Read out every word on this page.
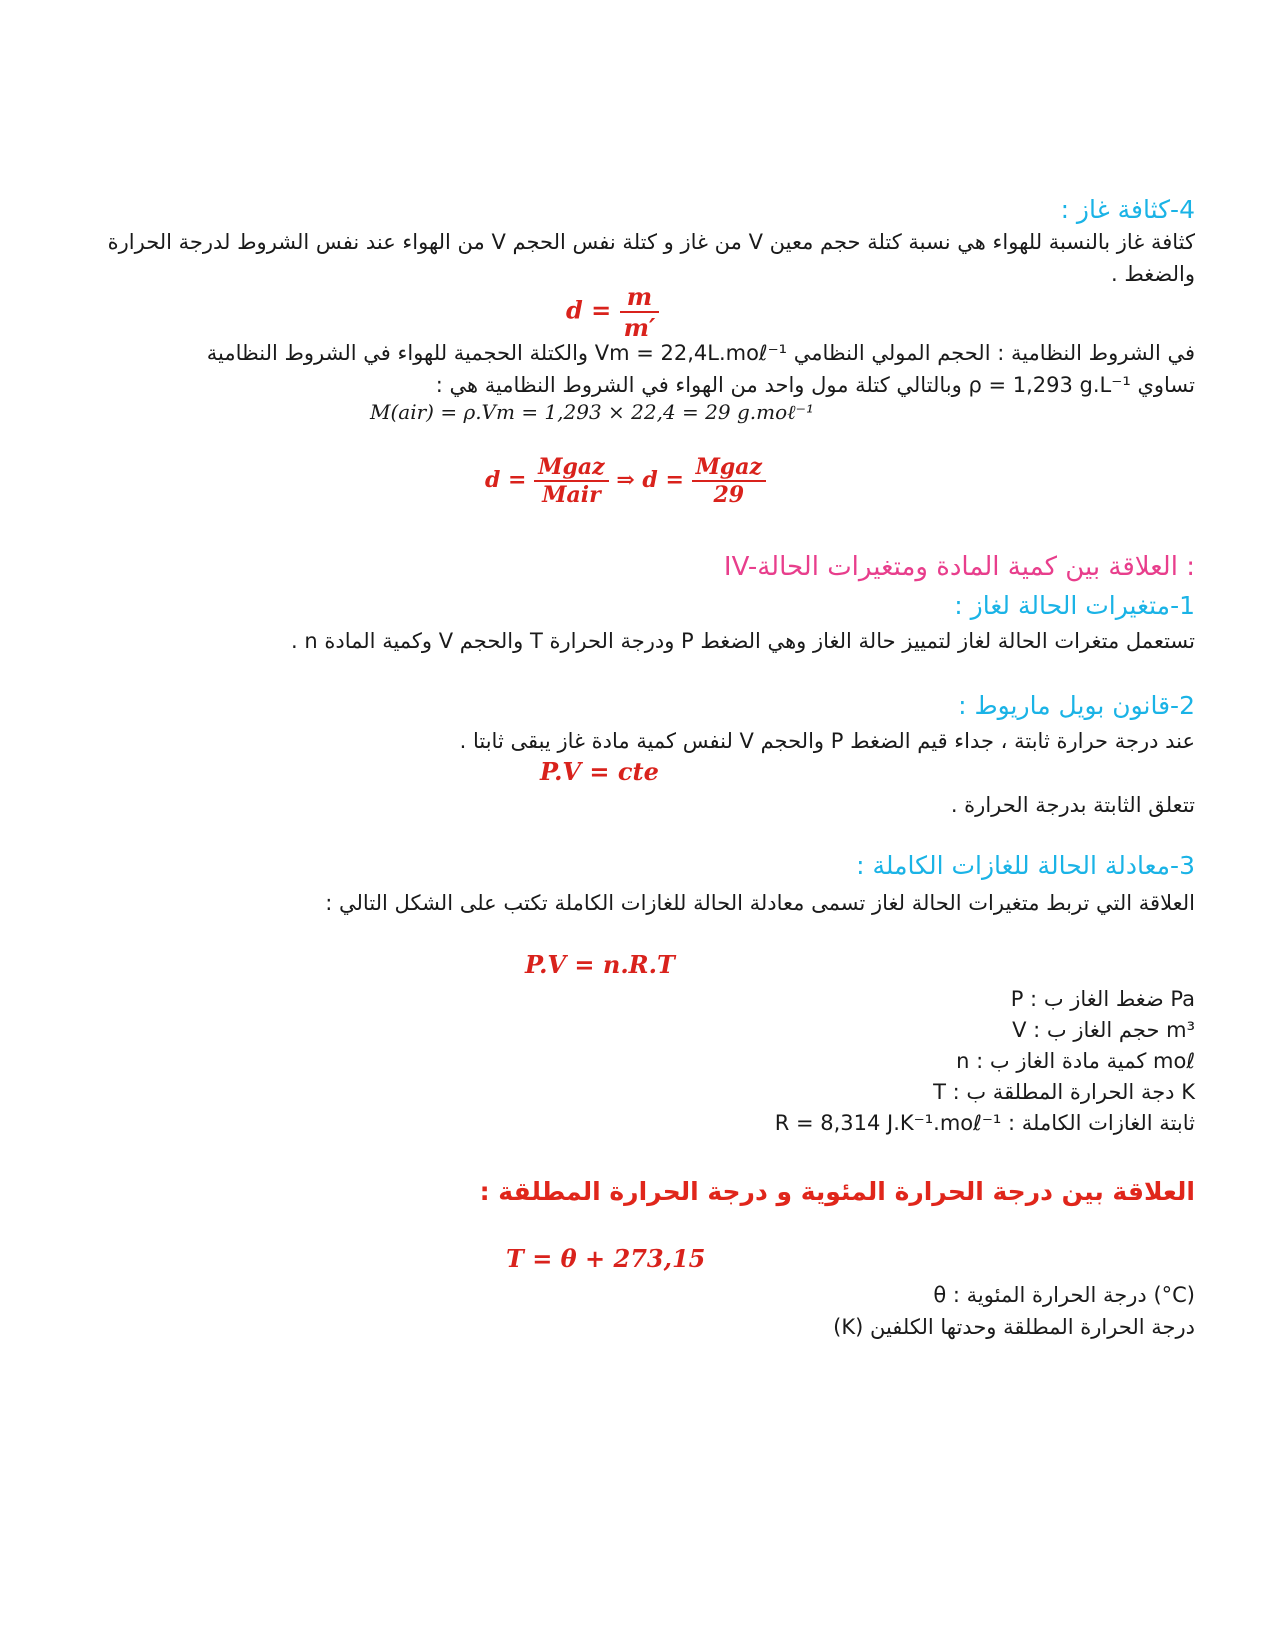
4-كثافة غاز :
كثافة غاز بالنسبة للهواء هي نسبة كتلة حجم معين V من غاز و كتلة نفس الحجم V من الهواء عند نفس الشروط لدرجة الحرارة والضغط .
$d = \frac{m}{m'}$
في الشروط النظامية : الحجم المولي النظامي Vm = 22,4L.moℓ⁻¹ والكتلة الحجمية للهواء في الشروط النظامية
تساوي ρ = 1,293 g.L⁻¹ وبالتالي كتلة مول واحد من الهواء في الشروط النظامية هي :
M(air) = ρ.Vm = 1,293 × 22,4 = 29 g.moℓ⁻¹
$d = \frac{\text{Mgaz}}{\text{Mair}}$ ⇒ $d = \frac{\text{Mgaz}}{29}$
IV-العلاقة بين كمية المادة ومتغيرات الحالة :
1-متغيرات الحالة لغاز :
تستعمل متغرات الحالة لغاز لتمييز حالة الغاز وهي الضغط P ودرجة الحرارة T والحجم V وكمية المادة n .
2-قانون بويل ماريوط :
عند درجة حرارة ثابتة ، جداء قيم الضغط P والحجم V لنفس كمية مادة غاز يبقى ثابتا .
P.V = cte
تتعلق الثابتة بدرجة الحرارة .
3-معادلة الحالة للغازات الكاملة :
العلاقة التي تربط متغيرات الحالة لغاز تسمى معادلة الحالة للغازات الكاملة تكتب على الشكل التالي :
P.V = n.R.T
P : ضغط الغاز ب Pa
V : حجم الغاز ب m³
n : كمية مادة الغاز ب moℓ
T : دجة الحرارة المطلقة ب K
R = 8,314 J.K⁻¹.moℓ⁻¹ : ثابتة الغازات الكاملة
العلاقة بين درجة الحرارة المئوية و درجة الحرارة المطلقة :
T = θ + 273,15
θ : درجة الحرارة المئوية (°C)
درجة الحرارة المطلقة وحدتها الكلفين (K)
